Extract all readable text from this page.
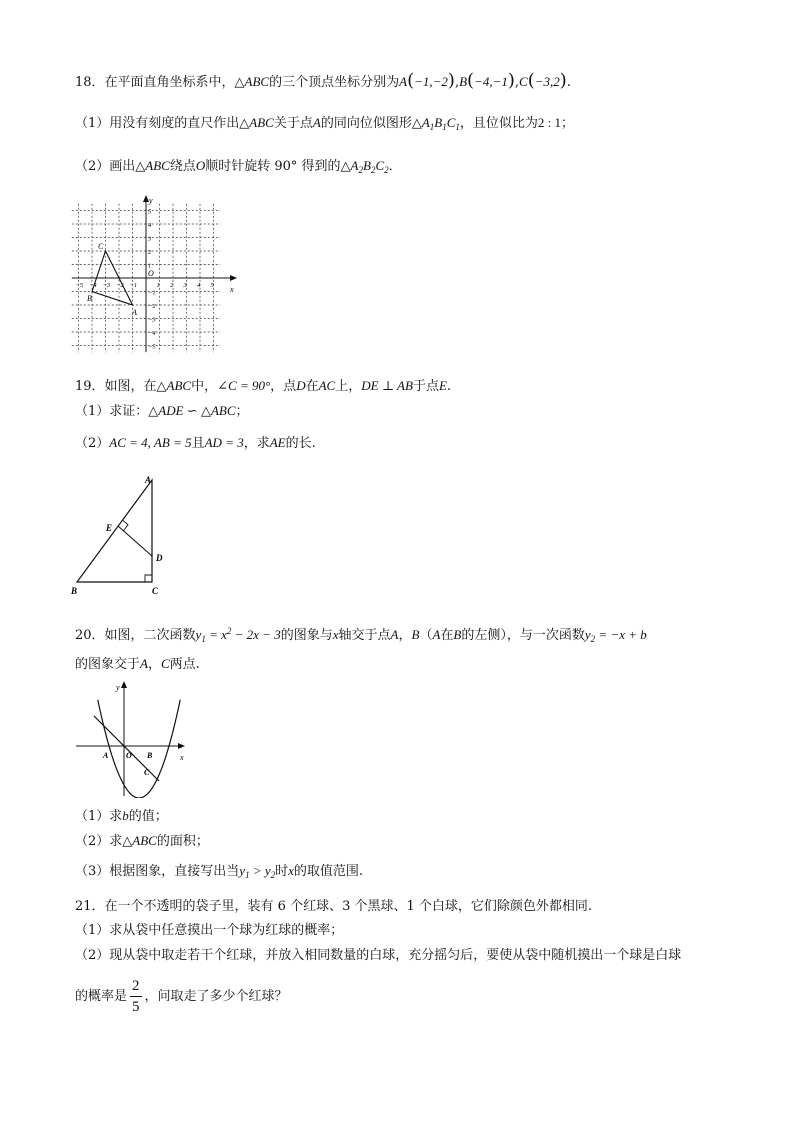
18．在平面直角坐标系中，△ABC的三个顶点坐标分别为A(−1,−2),B(−4,−1),C(−3,2).
（1）用没有刻度的直尺作出△ABC关于点A的同向位似图形$\triangle A_1B_1C_1$，且位似比为2 : 1；
（2）画出△ABC绕点O顺时针旋转 90° 得到的$\triangle A_2B_2C_2$．
x
y
O
−5 −4 −3 −2 −1	1 2 3 4 5
5
4
3
2
1
−1
−2
−3
−4
−5
A
B
C
19．如图，在△ABC中，∠C = 90°，点D在AC上，DE ⊥ AB于点E.
（1）求证：△ADE ∽ △ABC；
（2）AC = 4, AB = 5且AD = 3，求AE的长.
A
B	C
D
E
20．如图，二次函数$y_1 = x^2 - 2x - 3$的图象与x轴交于点A，B（A在B的左侧），与一次函数$y_2 = -x + b$
的图象交于A，C两点.
x
y
O
A	B
C
（1）求b的值；
（2）求△ABC的面积；
（3）根据图象，直接写出当$y_1 > y_2$时x的取值范围.
21．在一个不透明的袋子里，装有 6 个红球、3 个黑球、1 个白球，它们除颜色外都相同.
（1）求从袋中任意摸出一个球为红球的概率；
（2）现从袋中取走若干个红球，并放入相同数量的白球，充分摇匀后，要使从袋中随机摸出一个球是白球
的概率是 $\frac{2}{5}$ ，问取走了多少个红球？
